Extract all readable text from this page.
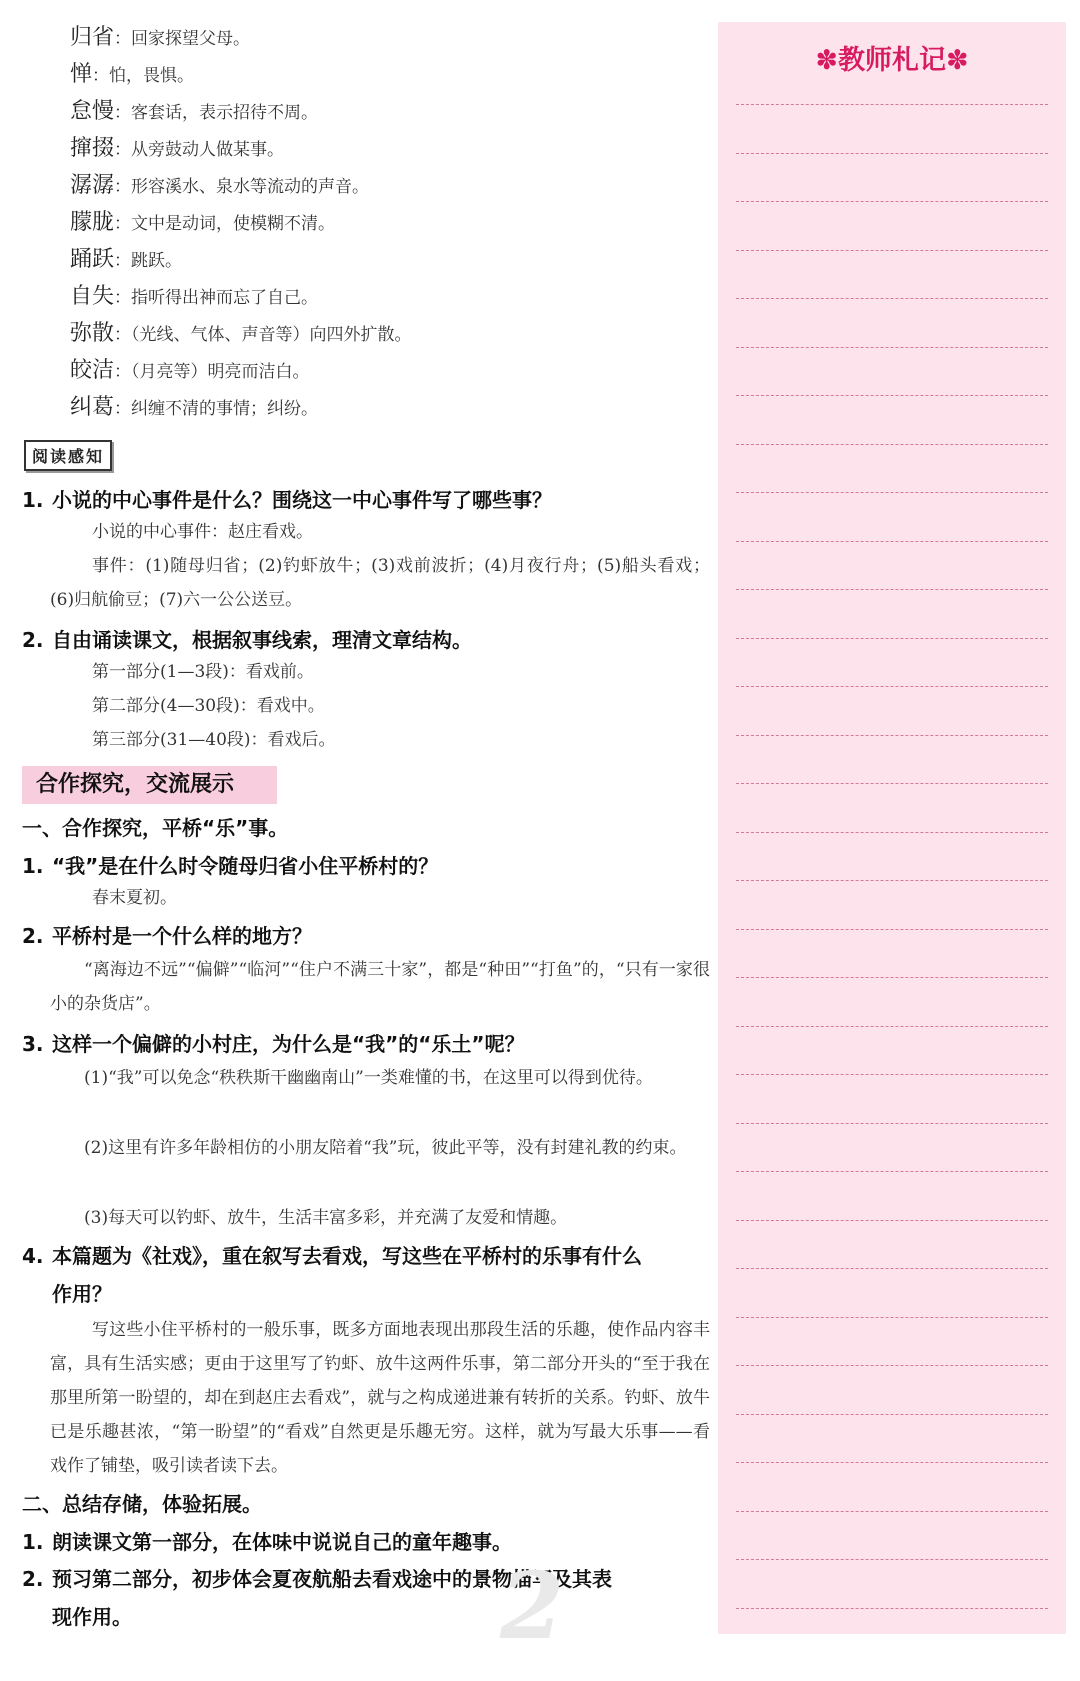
归省：回家探望父母。
惮：怕，畏惧。
怠慢：客套话，表示招待不周。
撺掇：从旁鼓动人做某事。
潺潺：形容溪水、泉水等流动的声音。
朦胧：文中是动词，使模糊不清。
踊跃：跳跃。
自失：指听得出神而忘了自己。
弥散：（光线、气体、声音等）向四外扩散。
皎洁：（月亮等）明亮而洁白。
纠葛：纠缠不清的事情；纠纷。
阅读感知
1. 小说的中心事件是什么？围绕这一中心事件写了哪些事？
小说的中心事件：赵庄看戏。
事件：(1)随母归省；(2)钓虾放牛；(3)戏前波折；(4)月夜行舟；(5)船头看戏；(6)归航偷豆；(7)六一公公送豆。
2. 自由诵读课文，根据叙事线索，理清文章结构。
第一部分(1—3段)：看戏前。
第二部分(4—30段)：看戏中。
第三部分(31—40段)：看戏后。
合作探究，交流展示
一、合作探究，平桥“乐”事。
1. “我”是在什么时令随母归省小住平桥村的？
春末夏初。
2. 平桥村是一个什么样的地方？
“离海边不远”“偏僻”“临河”“住户不满三十家”，都是“种田”“打鱼”的，“只有一家很小的杂货店”。
3. 这样一个偏僻的小村庄，为什么是“我”的“乐土”呢？
(1)“我”可以免念“秩秩斯干幽幽南山”一类难懂的书，在这里可以得到优待。
(2)这里有许多年龄相仿的小朋友陪着“我”玩，彼此平等，没有封建礼教的约束。
(3)每天可以钓虾、放牛，生活丰富多彩，并充满了友爱和情趣。
4. 本篇题为《社戏》，重在叙写去看戏，写这些在平桥村的乐事有什么
作用？
写这些小住平桥村的一般乐事，既多方面地表现出那段生活的乐趣，使作品内容丰富，具有生活实感；更由于这里写了钓虾、放牛这两件乐事，第二部分开头的“至于我在那里所第一盼望的，却在到赵庄去看戏”，就与之构成递进兼有转折的关系。钓虾、放牛已是乐趣甚浓，“第一盼望”的“看戏”自然更是乐趣无穷。这样，就为写最大乐事——看戏作了铺垫，吸引读者读下去。
二、总结存储，体验拓展。
1. 朗读课文第一部分，在体味中说说自己的童年趣事。
2. 预习第二部分，初步体会夏夜航船去看戏途中的景物描写及其表
现作用。	2
✽教师札记✽
